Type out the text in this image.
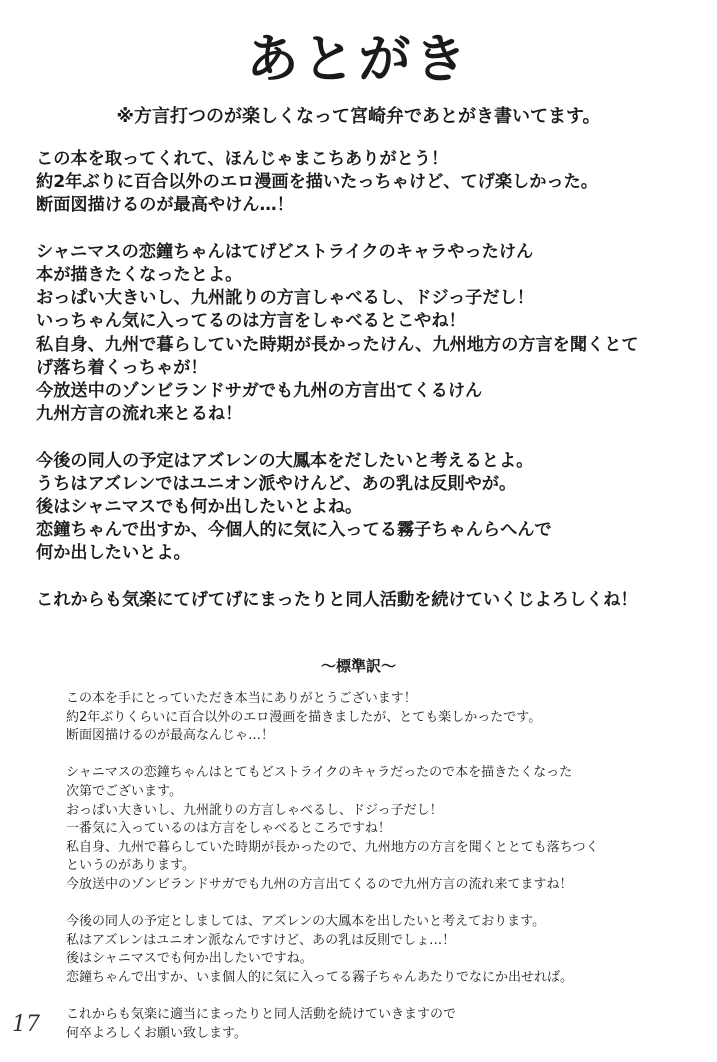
あとがき
※方言打つのが楽しくなって宮崎弁であとがき書いてます。
この本を取ってくれて、ほんじゃまこちありがとう！
約2年ぶりに百合以外のエロ漫画を描いたっちゃけど、てげ楽しかった。
断面図描けるのが最高やけん…！
シャニマスの恋鐘ちゃんはてげどストライクのキャラやったけん
本が描きたくなったとよ。
おっぱい大きいし、九州訛りの方言しゃべるし、ドジっ子だし！
いっちゃん気に入ってるのは方言をしゃべるとこやね！
私自身、九州で暮らしていた時期が長かったけん、九州地方の方言を聞くとて
げ落ち着くっちゃが！
今放送中のゾンビランドサガでも九州の方言出てくるけん
九州方言の流れ来とるね！
今後の同人の予定はアズレンの大鳳本をだしたいと考えるとよ。
うちはアズレンではユニオン派やけんど、あの乳は反則やが。
後はシャニマスでも何か出したいとよね。
恋鐘ちゃんで出すか、今個人的に気に入ってる霧子ちゃんらへんで
何か出したいとよ。
これからも気楽にてげてげにまったりと同人活動を続けていくじよろしくね！
〜標準訳〜
この本を手にとっていただき本当にありがとうございます！
約2年ぶりくらいに百合以外のエロ漫画を描きましたが、とても楽しかったです。
断面図描けるのが最高なんじゃ…！
シャニマスの恋鐘ちゃんはとてもどストライクのキャラだったので本を描きたくなった
次第でございます。
おっぱい大きいし、九州訛りの方言しゃべるし、ドジっ子だし！
一番気に入っているのは方言をしゃべるところですね！
私自身、九州で暮らしていた時期が長かったので、九州地方の方言を聞くととても落ちつく
というのがあります。
今放送中のゾンビランドサガでも九州の方言出てくるので九州方言の流れ来てますね！
今後の同人の予定としましては、アズレンの大鳳本を出したいと考えております。
私はアズレンはユニオン派なんですけど、あの乳は反則でしょ…！
後はシャニマスでも何か出したいですね。
恋鐘ちゃんで出すか、いま個人的に気に入ってる霧子ちゃんあたりでなにか出せれば。
これからも気楽に適当にまったりと同人活動を続けていきますので
何卒よろしくお願い致します。
17
